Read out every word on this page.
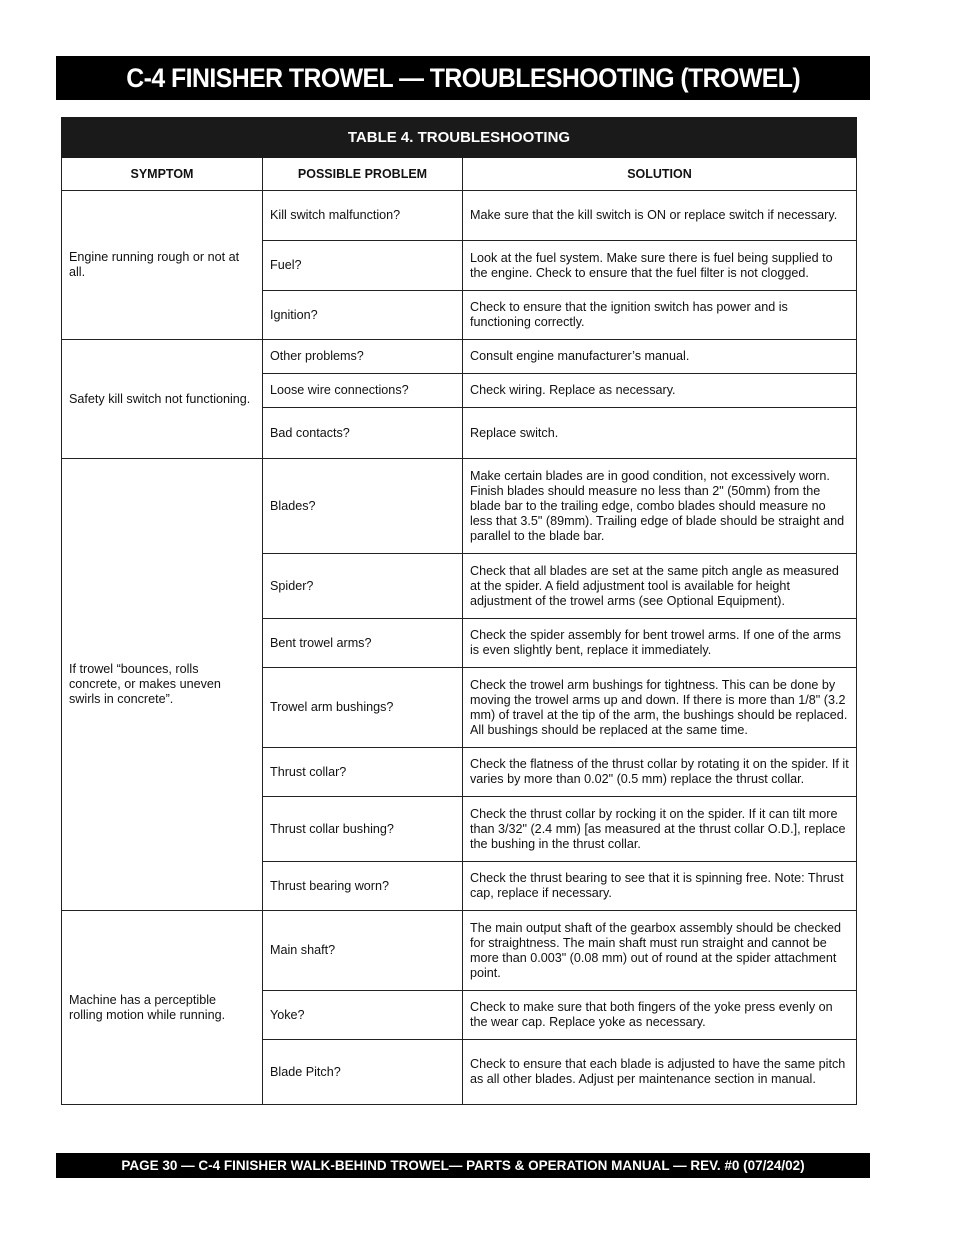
C-4 FINISHER TROWEL — TROUBLESHOOTING (TROWEL)
TABLE 4. TROUBLESHOOTING		
SYMPTOM	POSSIBLE PROBLEM	SOLUTION
Engine running rough or not at all.	Kill switch malfunction?	Make sure that the kill switch is ON or replace switch if necessary.
	Fuel?	Look at the fuel system. Make sure there is fuel being supplied to the engine. Check to ensure that the fuel filter is not clogged.
	Ignition?	Check to ensure that the ignition switch has power and is functioning correctly.
Safety kill switch not functioning.	Other problems?	Consult engine manufacturer’s manual.
	Loose wire connections?	Check wiring. Replace as necessary.
	Bad contacts?	Replace switch.
If trowel “bounces, rolls concrete, or makes uneven swirls in concrete”.	Blades?	Make certain blades are in good condition, not excessively worn. Finish blades should measure no less than 2" (50mm) from the blade bar to the trailing edge, combo blades should measure no less that 3.5" (89mm). Trailing edge of blade should be straight and parallel to the blade bar.
	Spider?	Check that all blades are set at the same pitch angle as measured at the spider. A field adjustment tool is available for height adjustment of the trowel arms (see Optional Equipment).
	Bent trowel arms?	Check the spider assembly for bent trowel arms. If one of the arms is even slightly bent, replace it immediately.
	Trowel arm bushings?	Check the trowel arm bushings for tightness. This can be done by moving the trowel arms up and down. If there is more than 1/8" (3.2 mm) of travel at the tip of the arm, the bushings should be replaced. All bushings should be replaced at the same time.
	Thrust collar?	Check the flatness of the thrust collar by rotating it on the spider. If it varies by more than 0.02" (0.5 mm) replace the thrust collar.
	Thrust collar bushing?	Check the thrust collar by rocking it on the spider. If it can tilt more than 3/32" (2.4 mm) [as measured at the thrust collar O.D.], replace the bushing in the thrust collar.
	Thrust bearing worn?	Check the thrust bearing to see that it is spinning free. Note: Thrust cap, replace if necessary.
Machine has a perceptible rolling motion while running.	Main shaft?	The main output shaft of the gearbox assembly should be checked for straightness. The main shaft must run straight and cannot be more than 0.003" (0.08 mm) out of round at the spider attachment point.
	Yoke?	Check to make sure that both fingers of the yoke press evenly on the wear cap. Replace yoke as necessary.
	Blade Pitch?	Check to ensure that each blade is adjusted to have the same pitch as all other blades. Adjust per maintenance section in manual.
PAGE 30 — C-4 FINISHER WALK-BEHIND TROWEL— PARTS & OPERATION MANUAL — REV. #0 (07/24/02)
